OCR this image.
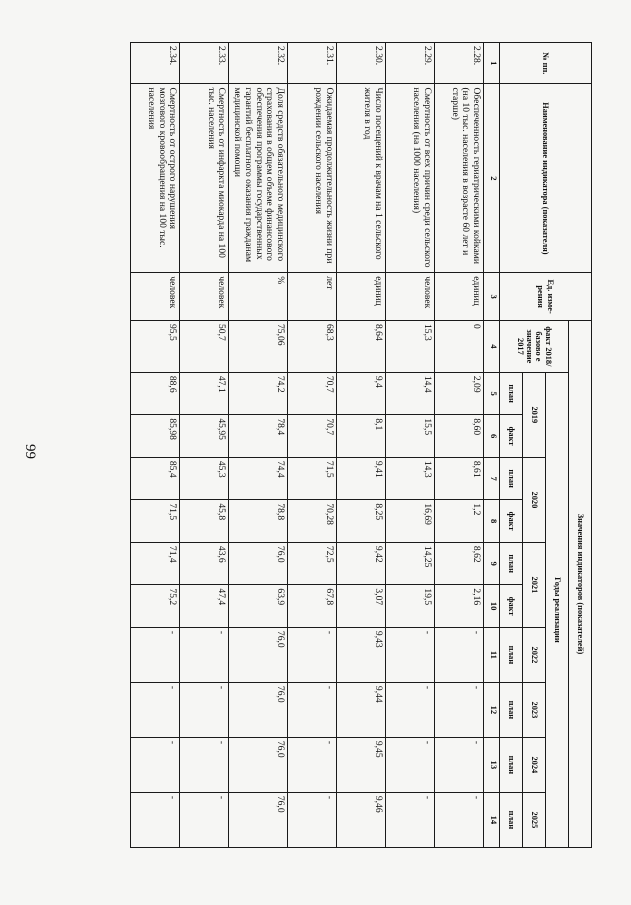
99
№ пп.	Наименование индикатора (показателя)	Ед. изме-рения	Значения индикаторов (показателей)										
			факт 2018/базово е значение 2017	Годы реализации									
				2019		2020		2021		2022	2023	2024	2025
				план	факт	план	факт	план	факт	план	план	план	план
1	2	3	4	5	6	7	8	9	10	11	12	13	14
2.28.	Обеспеченность гериатрическими койками (на 10 тыс. населения в возрасте 60 лет и старше)	единиц	0	2,09	8,60	8,61	1,2	8,62	2,16	-	-	-	-
2.29.	Смертность от всех причин среди сельского населения (на 1000 населения)	человек	15,3	14,4	15,5	14,3	16,69	14,25	19,5	-	-	-	-
2.30.	Число посещений к врачам на 1 сельского жителя в год	единиц	8,64	9,4	8,1	9,41	8,25	9,42	3,07	9,43	9,44	9,45	9,46
2.31.	Ожидаемая продолжительность жизни при рождении сельского населения	лет	68,3	70,7	70,7	71,5	70,28	72,5	67,8	-	-	-	-
2.32.	Доля средств обязательного медицинского страхования в общем объеме финансового обеспечения программы государственных гарантий бесплатного оказания гражданам медицинской помощи	%	75,06	74,2	78,4	74,4	78,8	76,0	63,9	76,0	76,0	76,0	76,0
2.33.	Смертность от инфаркта миокарда на 100 тыс. населения	человек	50,7	47,1	45,95	45,3	45,8	43,6	47,4	-	-	-	-
2.34.	Смертность от острого нарушения мозгового кровообращения на 100 тыс. населения	человек	95,5	88,6	85,98	85,4	71,5	71,4	75,2	-	-	-	-
